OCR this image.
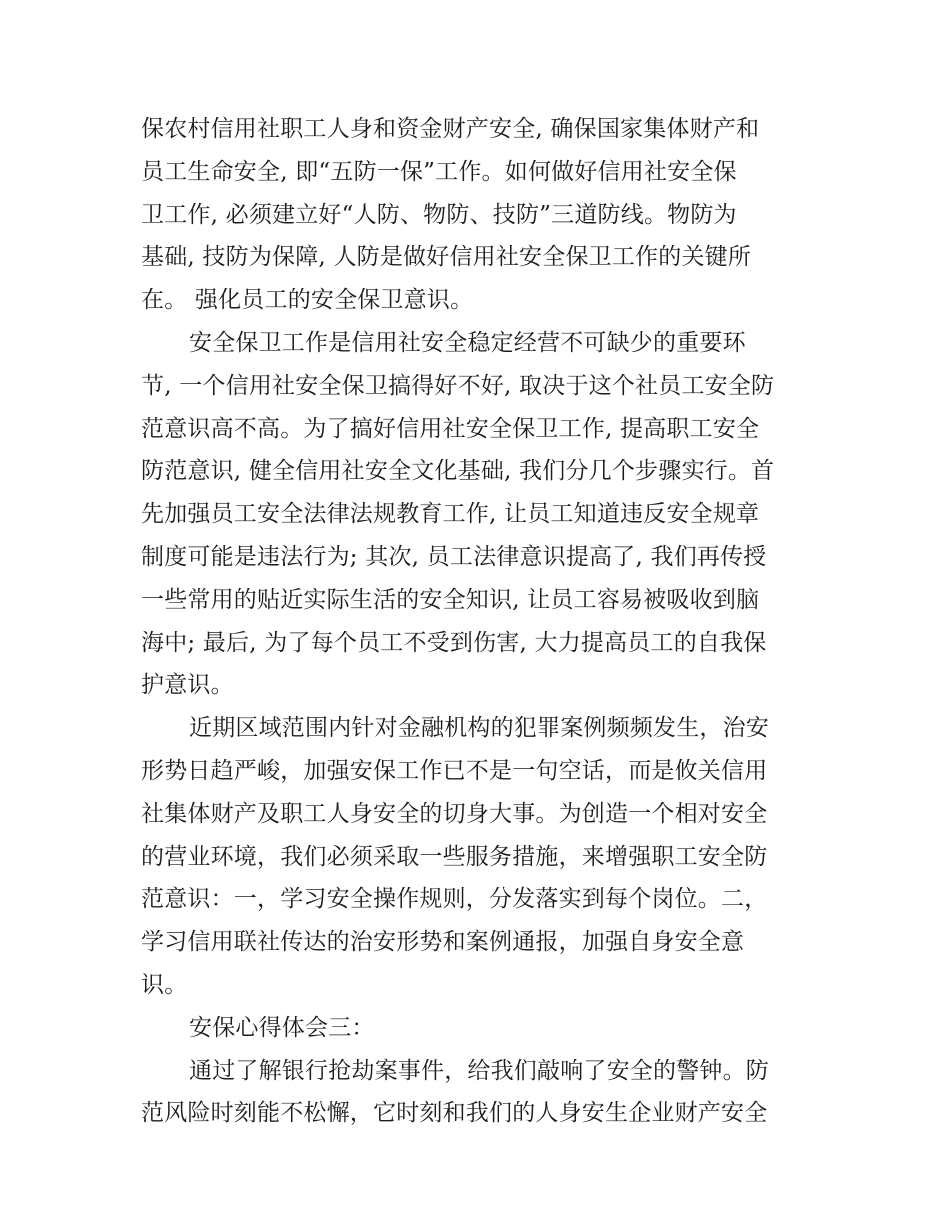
保农村信用社职工人身和资金财产安全, 确保国家集体财产和
员工生命安全, 即“五防一保”工作。如何做好信用社安全保
卫工作, 必须建立好“人防、物防、技防”三道防线。物防为
基础, 技防为保障, 人防是做好信用社安全保卫工作的关键所
在。 强化员工的安全保卫意识。
安全保卫工作是信用社安全稳定经营不可缺少的重要环
节, 一个信用社安全保卫搞得好不好, 取决于这个社员工安全防
范意识高不高。为了搞好信用社安全保卫工作, 提高职工安全
防范意识, 健全信用社安全文化基础, 我们分几个步骤实行。首
先加强员工安全法律法规教育工作, 让员工知道违反安全规章
制度可能是违法行为; 其次, 员工法律意识提高了, 我们再传授
一些常用的贴近实际生活的安全知识, 让员工容易被吸收到脑
海中; 最后, 为了每个员工不受到伤害, 大力提高员工的自我保
护意识。
近期区域范围内针对金融机构的犯罪案例频频发生，治安
形势日趋严峻，加强安保工作已不是一句空话，而是攸关信用
社集体财产及职工人身安全的切身大事。为创造一个相对安全
的营业环境，我们必须采取一些服务措施，来增强职工安全防
范意识：一，学习安全操作规则，分发落实到每个岗位。二，
学习信用联社传达的治安形势和案例通报，加强自身安全意
识。
安保心得体会三：
通过了解银行抢劫案事件，给我们敲响了安全的警钟。防
范风险时刻能不松懈，它时刻和我们的人身安生企业财产安全
